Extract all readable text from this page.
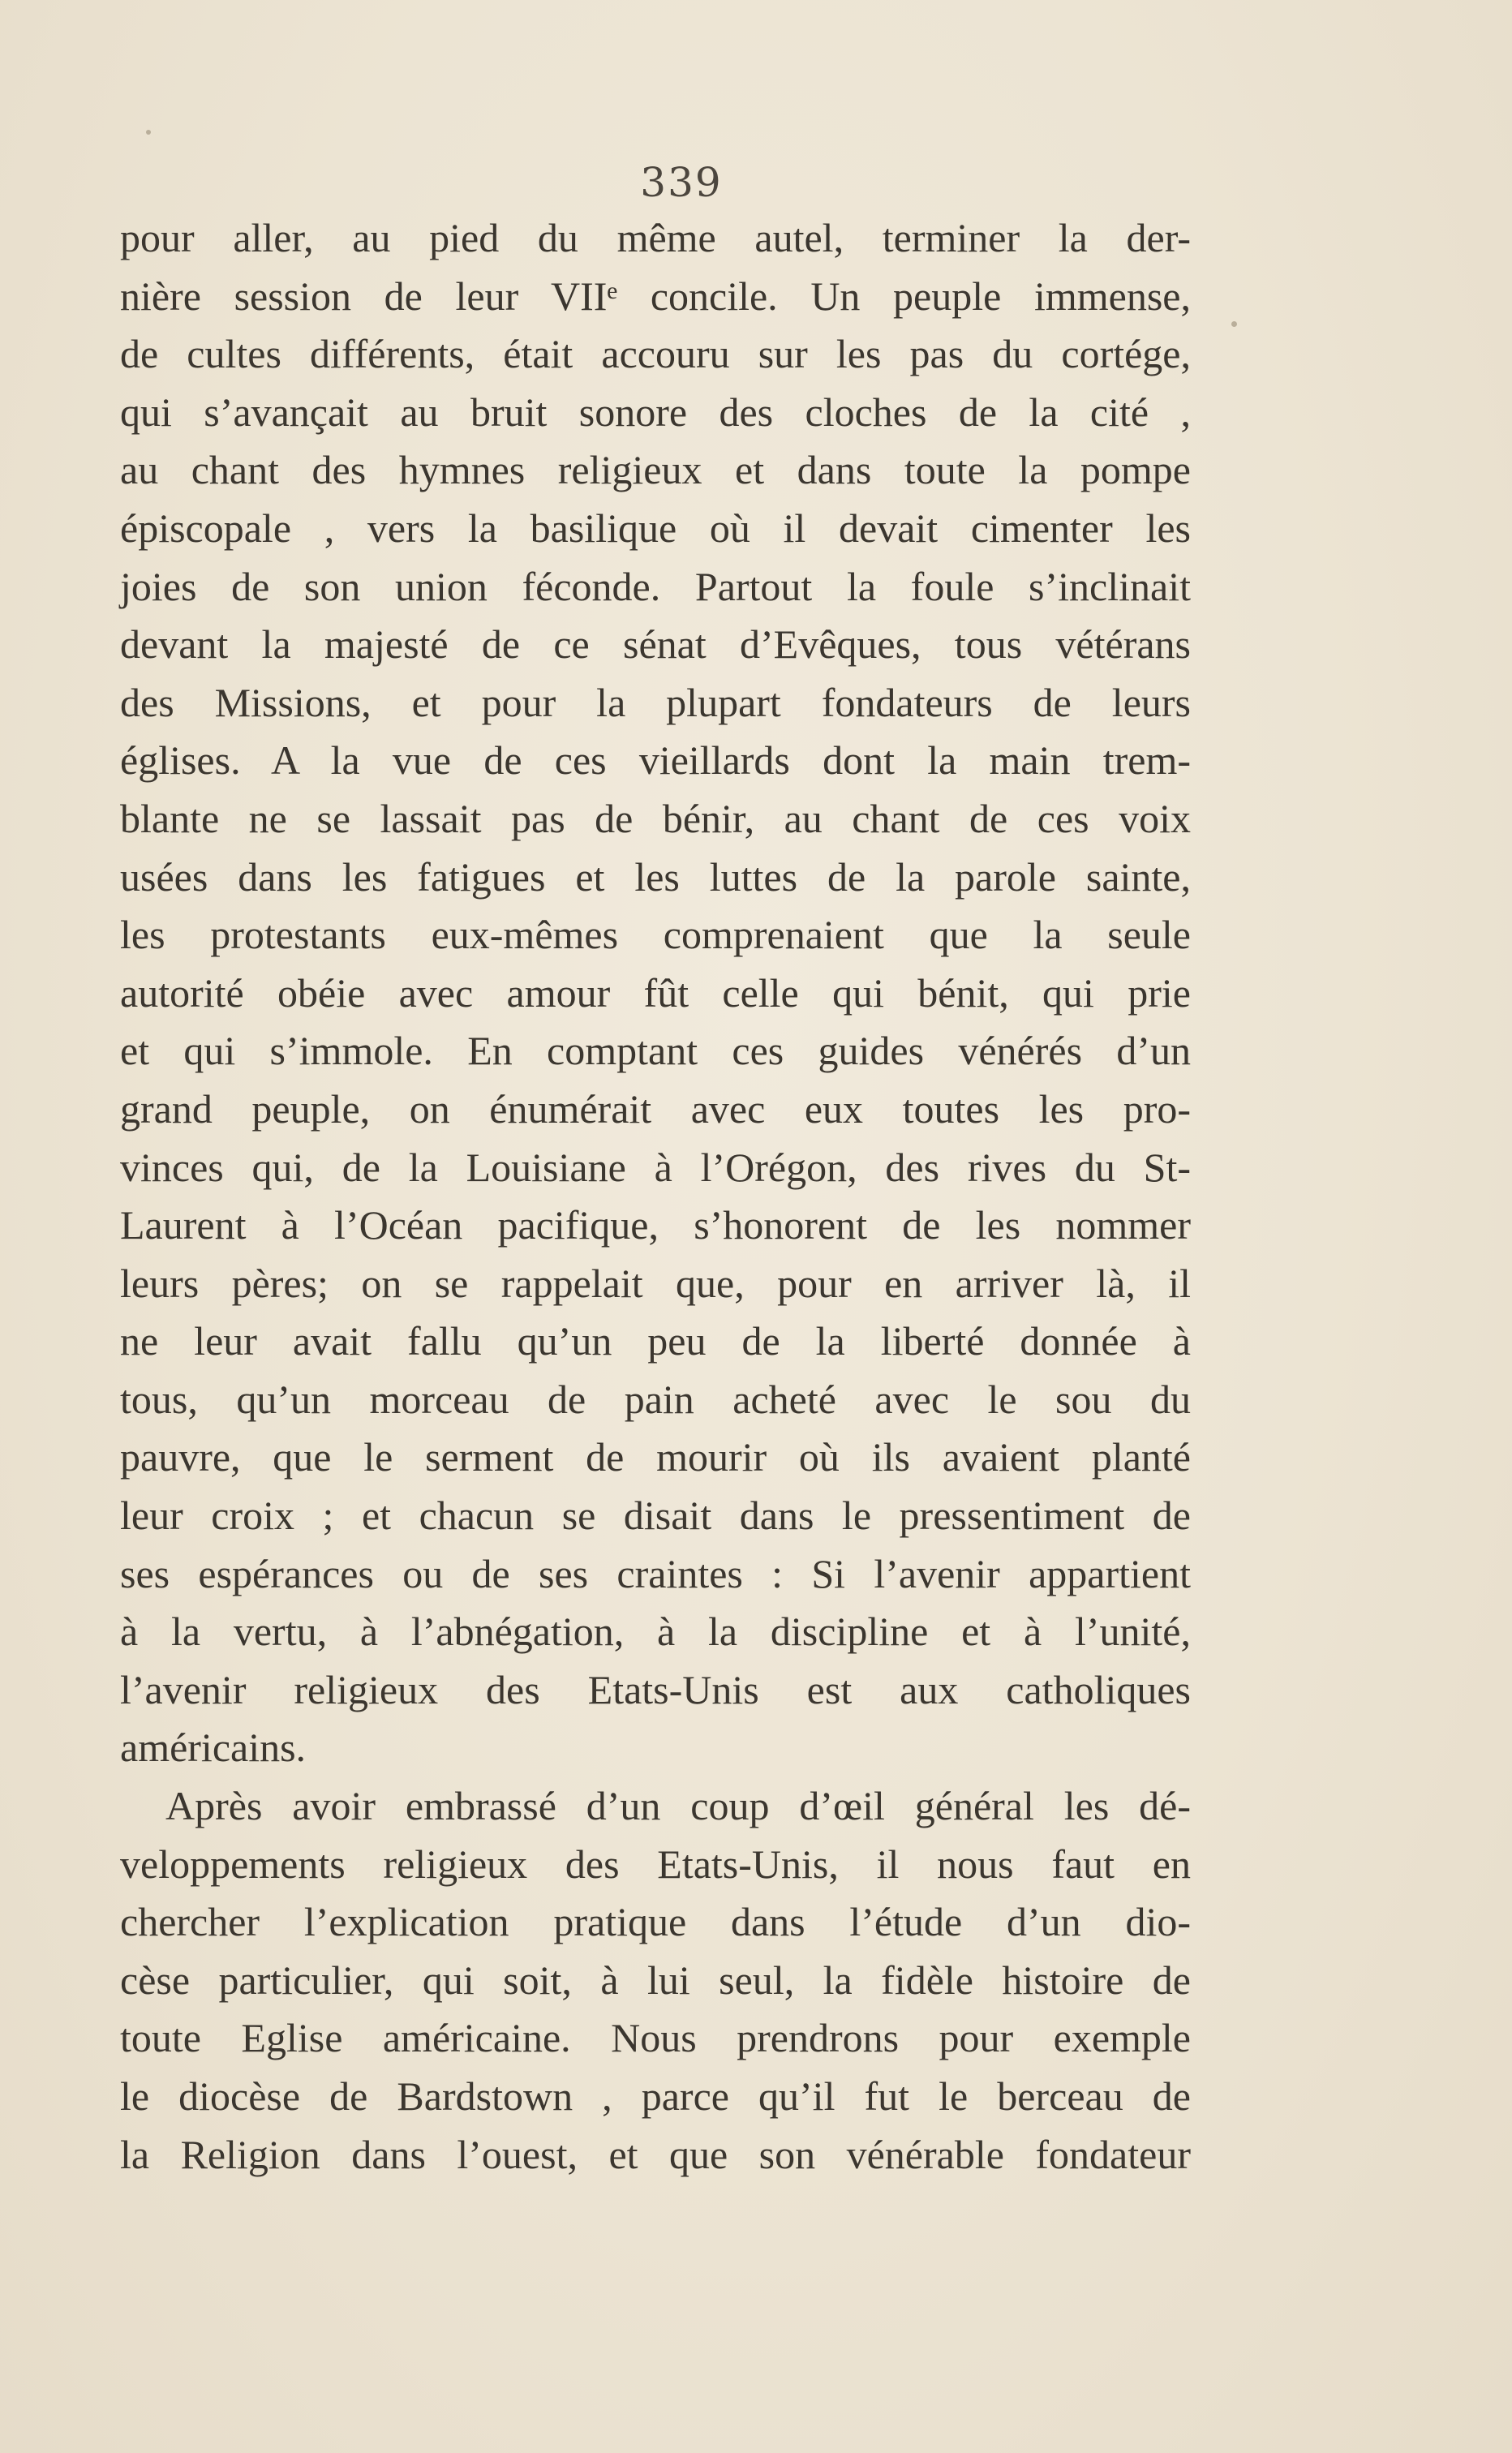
339
pour aller, au pied du même autel, terminer la der-
nière session de leur VIIᵉ concile. Un peuple immense,
de cultes différents, était accouru sur les pas du cortége,
qui s’avançait au bruit sonore des cloches de la cité ,
au chant des hymnes religieux et dans toute la pompe
épiscopale , vers la basilique où il devait cimenter les
joies de son union féconde. Partout la foule s’inclinait
devant la majesté de ce sénat d’Evêques, tous vétérans
des Missions, et pour la plupart fondateurs de leurs
églises. A la vue de ces vieillards dont la main trem-
blante ne se lassait pas de bénir, au chant de ces voix
usées dans les fatigues et les luttes de la parole sainte,
les protestants eux-mêmes comprenaient que la seule
autorité obéie avec amour fût celle qui bénit, qui prie
et qui s’immole. En comptant ces guides vénérés d’un
grand peuple, on énumérait avec eux toutes les pro-
vinces qui, de la Louisiane à l’Orégon, des rives du St-
Laurent à l’Océan pacifique, s’honorent de les nommer
leurs pères; on se rappelait que, pour en arriver là, il
ne leur avait fallu qu’un peu de la liberté donnée à
tous, qu’un morceau de pain acheté avec le sou du
pauvre, que le serment de mourir où ils avaient planté
leur croix ; et chacun se disait dans le pressentiment de
ses espérances ou de ses craintes : Si l’avenir appartient
à la vertu, à l’abnégation, à la discipline et à l’unité,
l’avenir religieux des Etats-Unis est aux catholiques
américains.
Après avoir embrassé d’un coup d’œil général les dé-
veloppements religieux des Etats-Unis, il nous faut en
chercher l’explication pratique dans l’étude d’un dio-
cèse particulier, qui soit, à lui seul, la fidèle histoire de
toute Eglise américaine. Nous prendrons pour exemple
le diocèse de Bardstown , parce qu’il fut le berceau de
la Religion dans l’ouest, et que son vénérable fondateur
